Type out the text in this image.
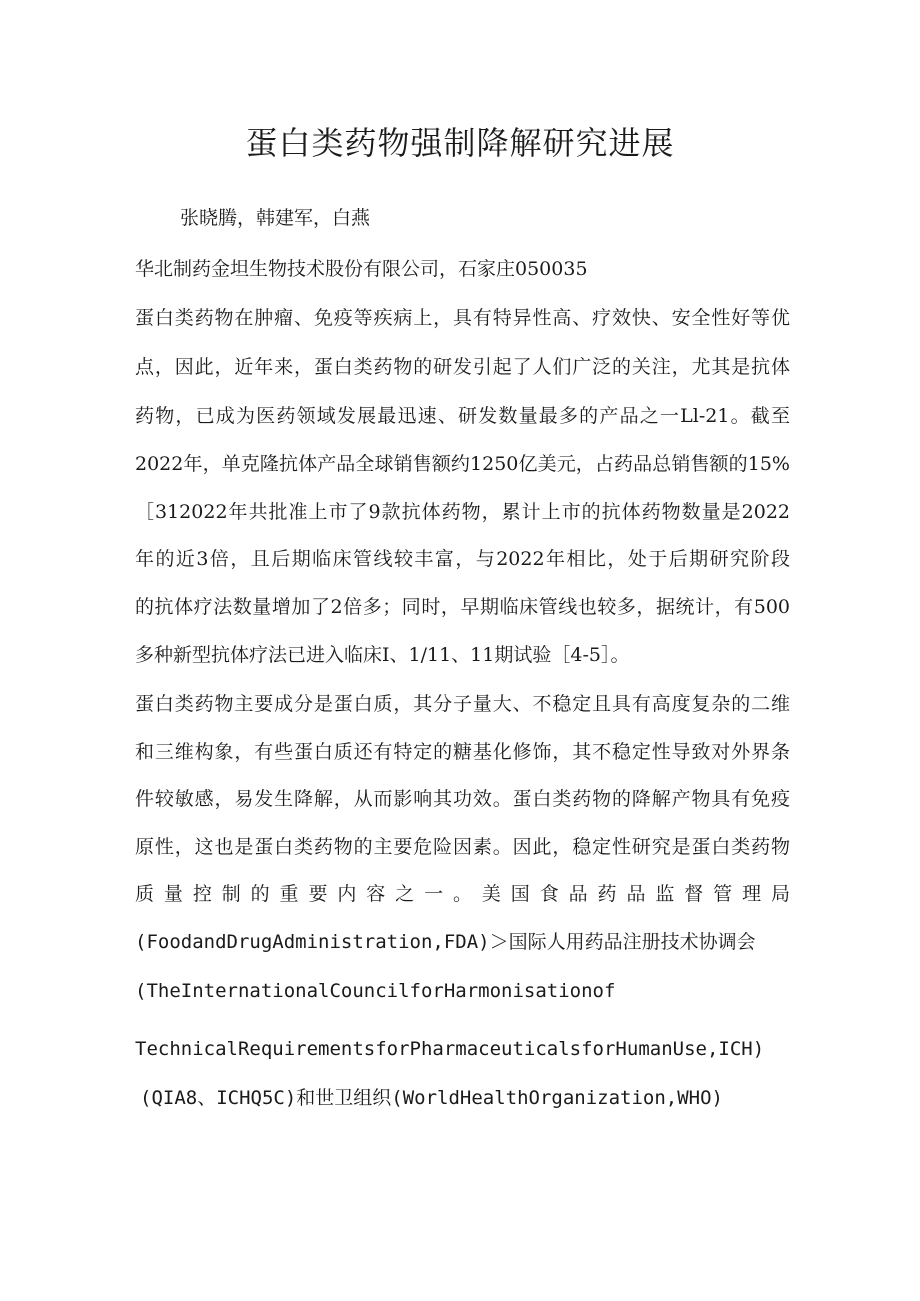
蛋白类药物强制降解研究进展
张晓腾，韩建军，白燕
华北制药金坦生物技术股份有限公司，石家庄050035
蛋白类药物在肿瘤、免疫等疾病上，具有特异性高、疗效快、安全性好等优
点，因此，近年来，蛋白类药物的研发引起了人们广泛的关注，尤其是抗体
药物，已成为医药领域发展最迅速、研发数量最多的产品之一Ll-21。截至
2022年，单克隆抗体产品全球销售额约1250亿美元，占药品总销售额的15%
［312022年共批准上市了9款抗体药物，累计上市的抗体药物数量是2022
年的近3倍，且后期临床管线较丰富，与2022年相比，处于后期研究阶段
的抗体疗法数量增加了2倍多；同时，早期临床管线也较多，据统计，有500
多种新型抗体疗法已进入临床I、1/11、11期试验［4-5］。
蛋白类药物主要成分是蛋白质，其分子量大、不稳定且具有高度复杂的二维
和三维构象，有些蛋白质还有特定的糖基化修饰，其不稳定性导致对外界条
件较敏感，易发生降解，从而影响其功效。蛋白类药物的降解产物具有免疫
原性，这也是蛋白类药物的主要危险因素。因此，稳定性研究是蛋白类药物
质量控制的重要内容之一。美国食品药品监督管理局
(FoodandDrugAdministration,FDA)＞国际人用药品注册技术协调会
(TheInternationalCouncilforHarmonisationof
TechnicalRequirementsforPharmaceuticalsforHumanUse,ICH)
(QIA8、ICHQ5C)和世卫组织(WorldHealthOrganization,WHO)
